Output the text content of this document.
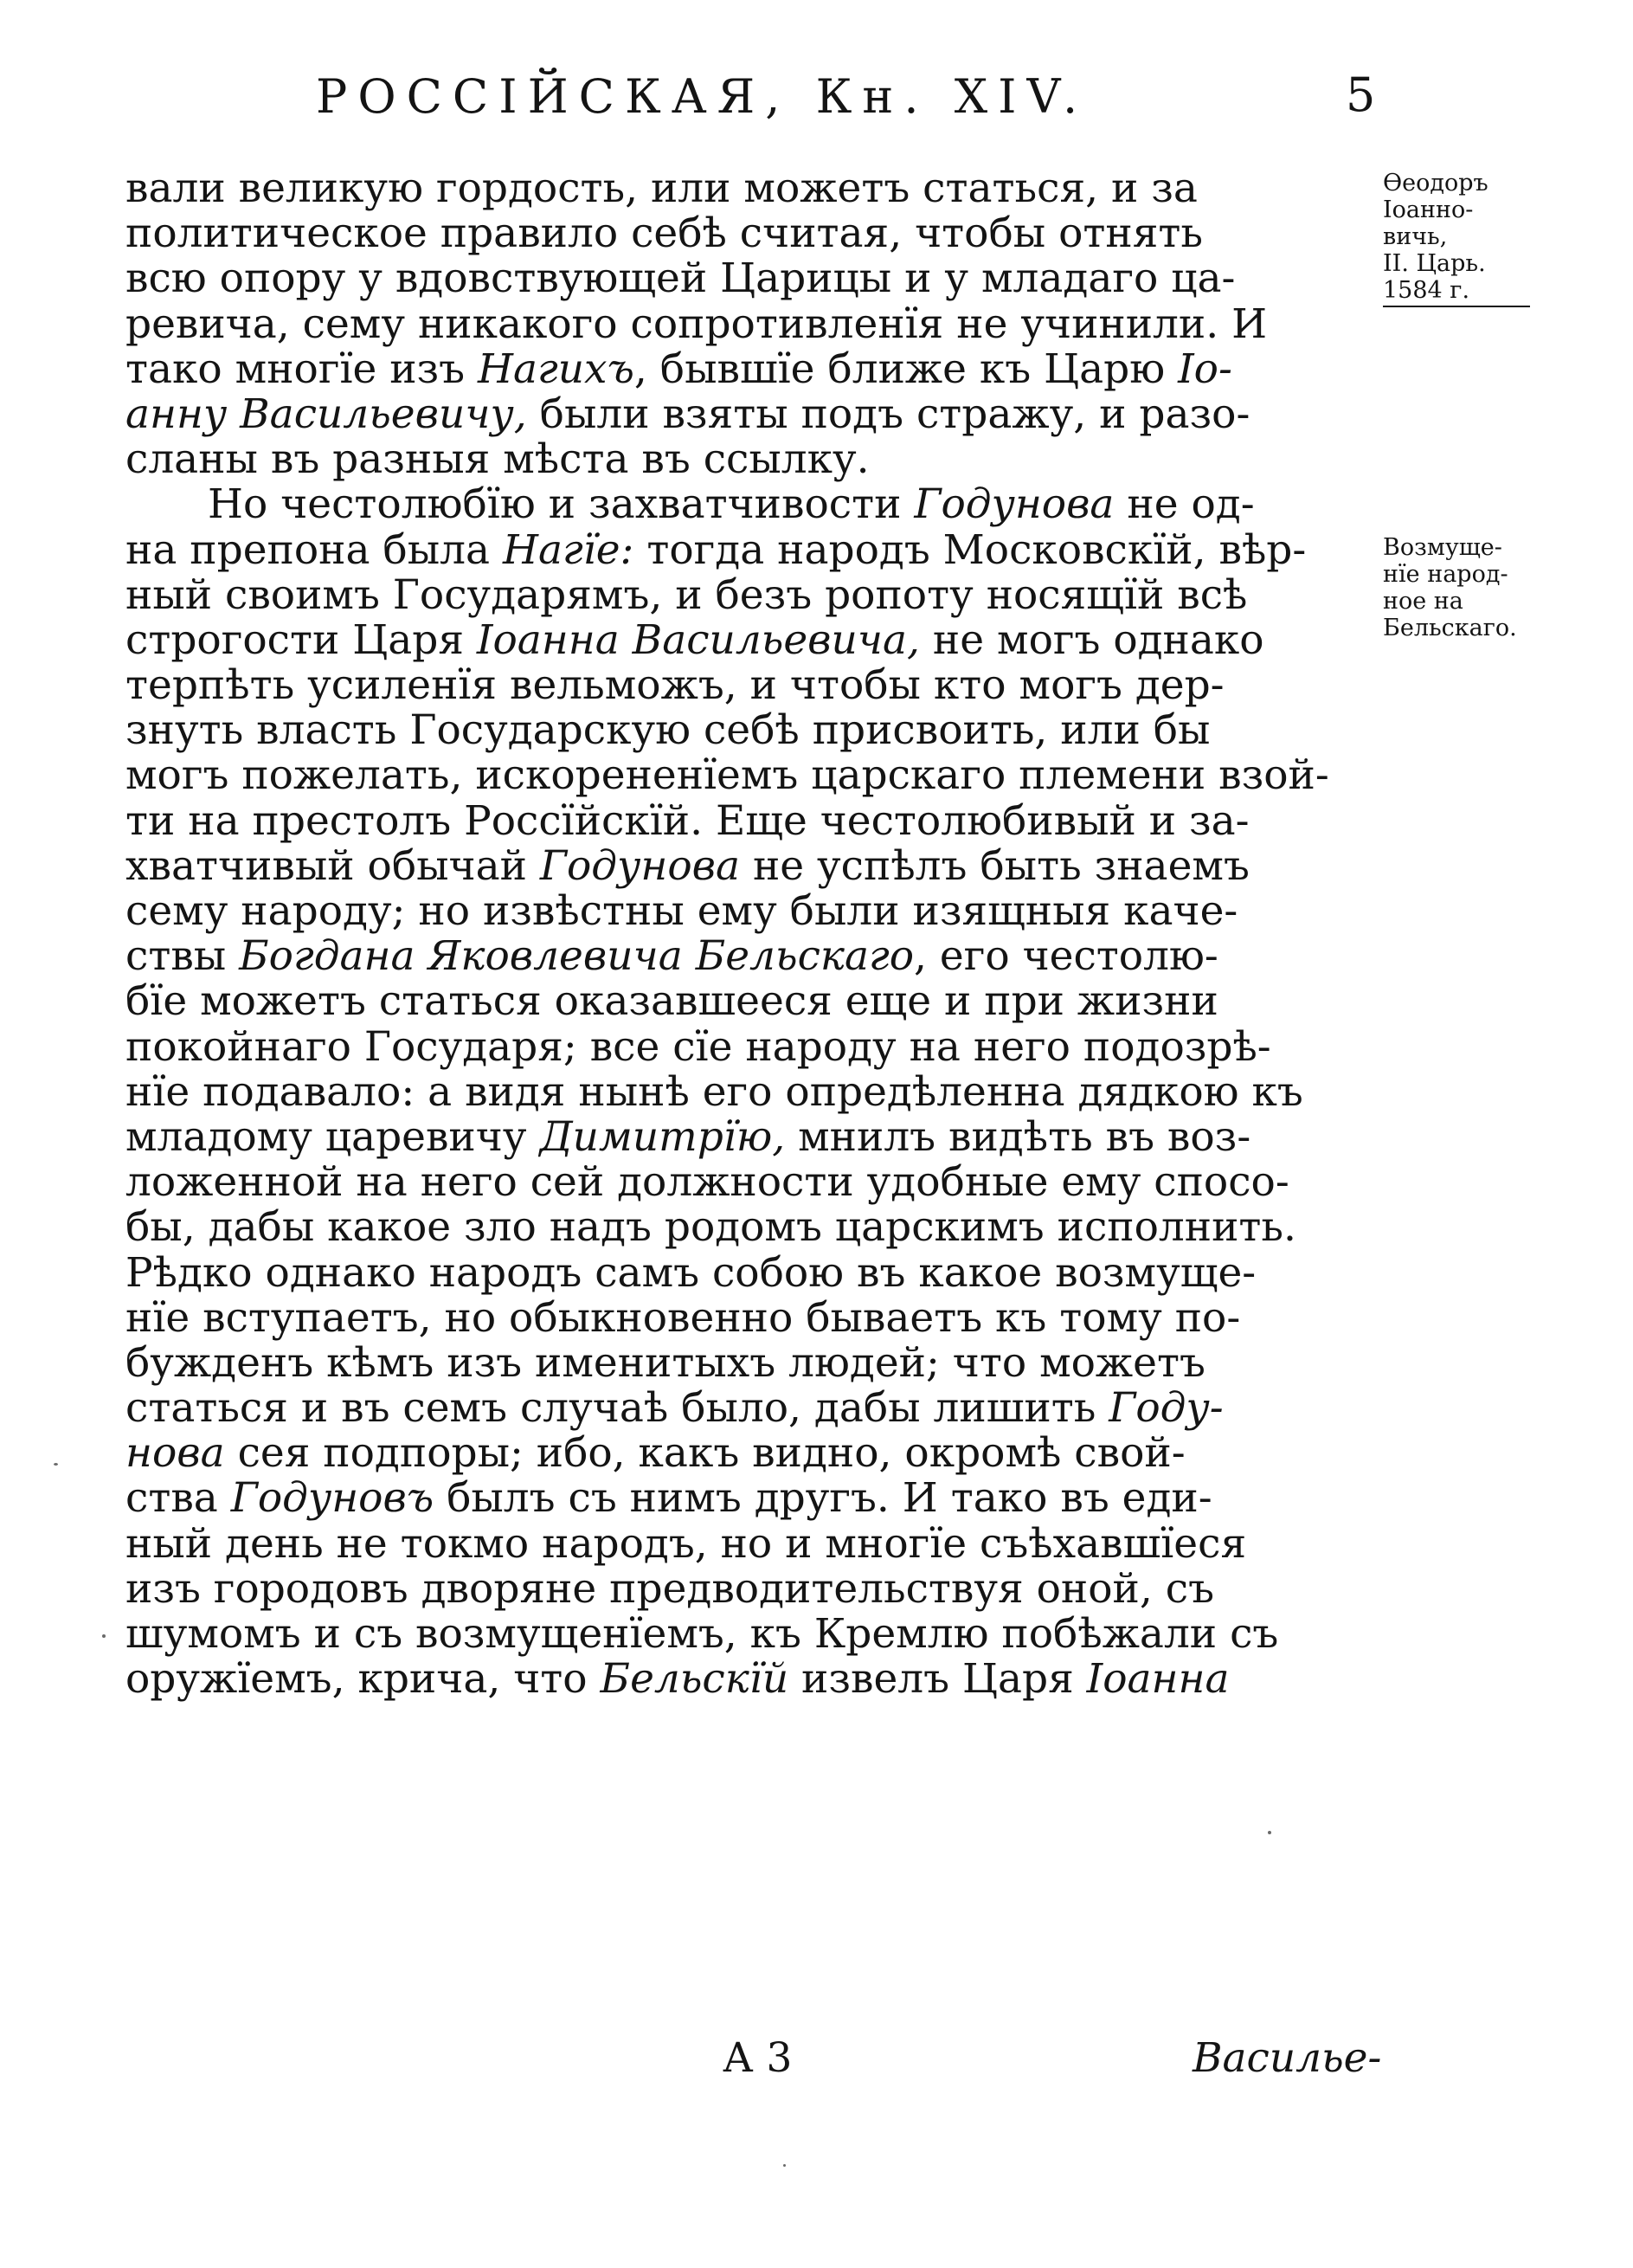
РОССІЙСКАЯ, Кн. XIV.	5
Ѳеодоръ
Іоанно-
вичь,
II. Царь.
1584 г.
Возмуще-
нїе народ-
ное на
Бельскаго.
вали великую гордость, или можетъ статься, и за
политическое правило себѣ считая, чтобы отнять
всю опору у вдовствующей Царицы и у младаго ца-
ревича, сему никакого сопротивленїя не учинили. И
тако многїе изъ Нагихъ, бывшїе ближе къ Царю Іо-
анну Васильевичу, были взяты подъ стражу, и разо-
сланы въ разныя мѣста въ ссылку.
Но честолюбїю и захватчивости Годунова не од-
на препона была Нагїе: тогда народъ Московскїй, вѣр-
ный своимъ Государямъ, и безъ ропоту носящїй всѣ
строгости Царя Іоанна Васильевича, не могъ однако
терпѣть усиленїя вельможъ, и чтобы кто могъ дер-
знуть власть Государскую себѣ присвоить, или бы
могъ пожелать, искорененїемъ царскаго племени взой-
ти на престолъ Россїйскїй. Еще честолюбивый и за-
хватчивый обычай Годунова не успѣлъ быть знаемъ
сему народу; но извѣстны ему были изящныя каче-
ствы Богдана Яковлевича Бельскаго, его честолю-
бїе можетъ статься оказавшееся еще и при жизни
покойнаго Государя; все сїе народу на него подозрѣ-
нїе подавало: а видя нынѣ его опредѣленна дядкою къ
младому царевичу Димитрїю, мнилъ видѣть въ воз-
ложенной на него сей должности удобные ему спосо-
бы, дабы какое зло надъ родомъ царскимъ исполнить.
Рѣдко однако народъ самъ собою въ какое возмуще-
нїе вступаетъ, но обыкновенно бываетъ къ тому по-
бужденъ кѣмъ изъ именитыхъ людей; что можетъ
статься и въ семъ случаѣ было, дабы лишить Году-
нова сея подпоры; ибо, какъ видно, окромѣ свой-
ства Годуновъ былъ съ нимъ другъ. И тако въ еди-
ный день не токмо народъ, но и многїе съѣхавшїеся
изъ городовъ дворяне предводительствуя оной, съ
шумомъ и съ возмущенїемъ, къ Кремлю побѣжали съ
оружїемъ, крича, что Бельскїй извелъ Царя Іоанна
А 3	Василье-
